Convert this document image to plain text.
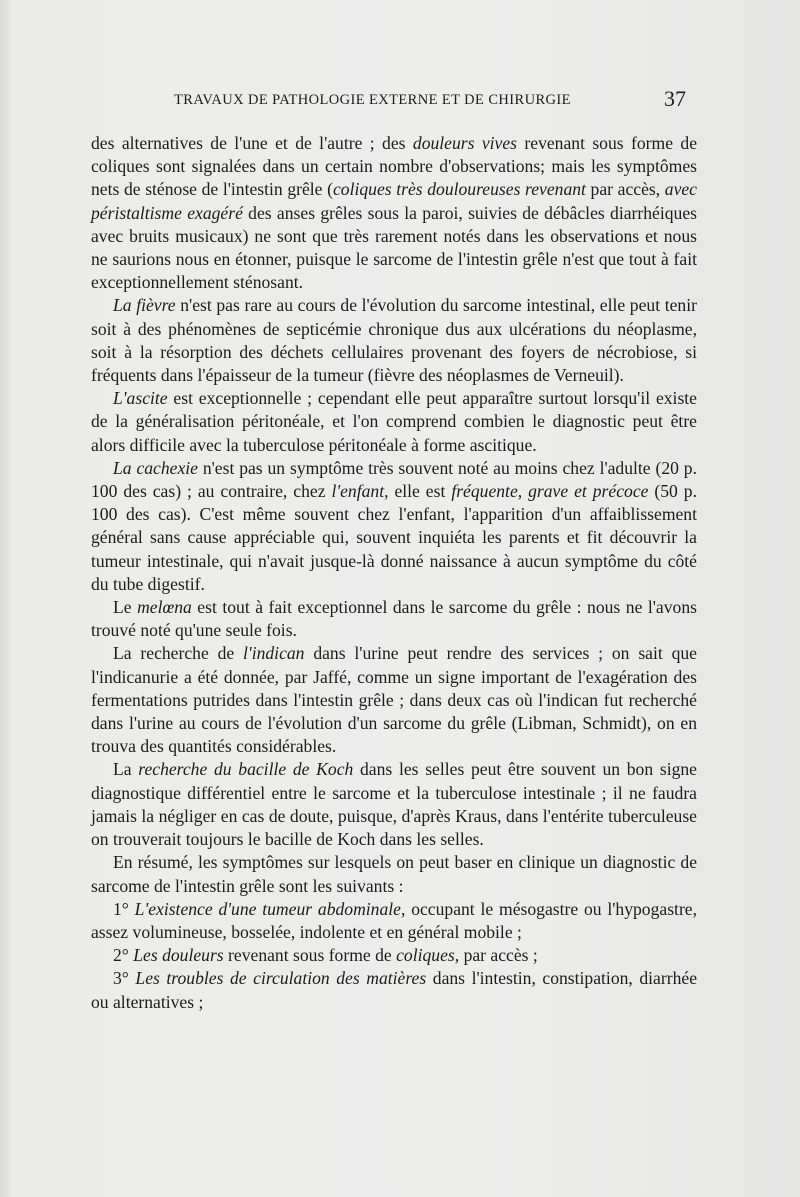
TRAVAUX DE PATHOLOGIE EXTERNE ET DE CHIRURGIE	37

des alternatives de l'une et de l'autre ; des douleurs vives revenant sous forme de coliques sont signalées dans un certain nombre d'observations; mais les symptômes nets de sténose de l'intestin grêle (coliques très douloureuses revenant par accès, avec péristaltisme exagéré des anses grêles sous la paroi, suivies de débâcles diarrhéiques avec bruits musicaux) ne sont que très rarement notés dans les observations et nous ne saurions nous en étonner, puisque le sarcome de l'intestin grêle n'est que tout à fait exceptionnellement sténosant.

La fièvre n'est pas rare au cours de l'évolution du sarcome intestinal, elle peut tenir soit à des phénomènes de septicémie chronique dus aux ulcérations du néoplasme, soit à la résorption des déchets cellulaires provenant des foyers de nécrobiose, si fréquents dans l'épaisseur de la tumeur (fièvre des néoplasmes de Verneuil).

L'ascite est exceptionnelle ; cependant elle peut apparaître surtout lorsqu'il existe de la généralisation péritonéale, et l'on comprend combien le diagnostic peut être alors difficile avec la tuberculose péritonéale à forme ascitique.

La cachexie n'est pas un symptôme très souvent noté au moins chez l'adulte (20 p. 100 des cas) ; au contraire, chez l'enfant, elle est fréquente, grave et précoce (50 p. 100 des cas). C'est même souvent chez l'enfant, l'apparition d'un affaiblissement général sans cause appréciable qui, souvent inquiéta les parents et fit découvrir la tumeur intestinale, qui n'avait jusque-là donné naissance à aucun symptôme du côté du tube digestif.

Le melœna est tout à fait exceptionnel dans le sarcome du grêle : nous ne l'avons trouvé noté qu'une seule fois.

La recherche de l'indican dans l'urine peut rendre des services ; on sait que l'indicanurie a été donnée, par Jaffé, comme un signe important de l'exagération des fermentations putrides dans l'intestin grêle ; dans deux cas où l'indican fut recherché dans l'urine au cours de l'évolution d'un sarcome du grêle (Libman, Schmidt), on en trouva des quantités considérables.

La recherche du bacille de Koch dans les selles peut être souvent un bon signe diagnostique différentiel entre le sarcome et la tuberculose intestinale ; il ne faudra jamais la négliger en cas de doute, puisque, d'après Kraus, dans l'entérite tuberculeuse on trouverait toujours le bacille de Koch dans les selles.

En résumé, les symptômes sur lesquels on peut baser en clinique un diagnostic de sarcome de l'intestin grêle sont les suivants :

1° L'existence d'une tumeur abdominale, occupant le mésogastre ou l'hypogastre, assez volumineuse, bosselée, indolente et en général mobile ;

2° Les douleurs revenant sous forme de coliques, par accès ;

3° Les troubles de circulation des matières dans l'intestin, constipation, diarrhée ou alternatives ;
